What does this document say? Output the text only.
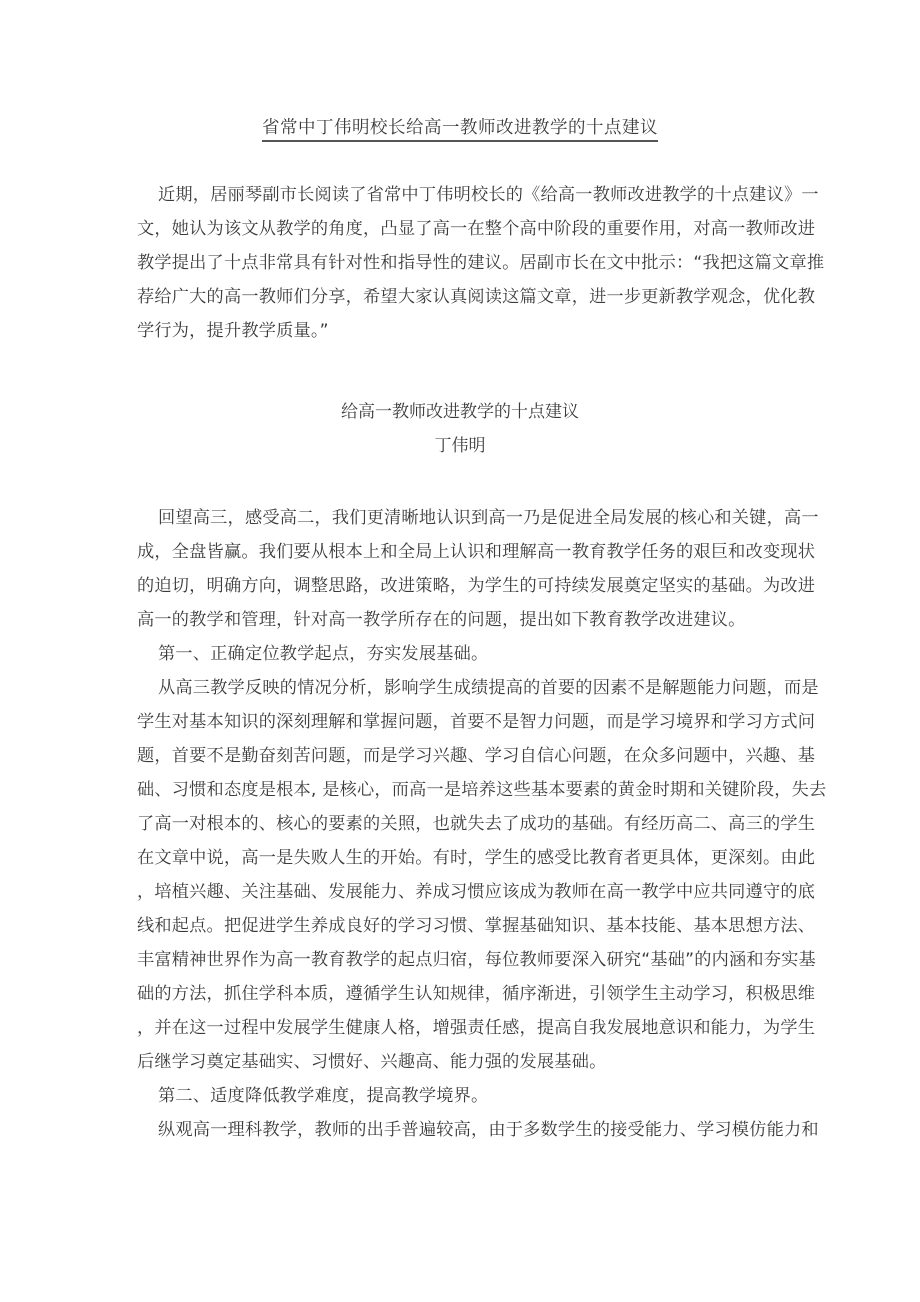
省常中丁伟明校长给高一教师改进教学的十点建议
近期，居丽琴副市长阅读了省常中丁伟明校长的《给高一教师改进教学的十点建议》一
文，她认为该文从教学的角度，凸显了高一在整个高中阶段的重要作用，对高一教师改进
教学提出了十点非常具有针对性和指导性的建议。居副市长在文中批示：“我把这篇文章推
荐给广大的高一教师们分享，希望大家认真阅读这篇文章，进一步更新教学观念，优化教
学行为，提升教学质量。”
给高一教师改进教学的十点建议
丁伟明
回望高三，感受高二，我们更清晰地认识到高一乃是促进全局发展的核心和关键，高一
成，全盘皆赢。我们要从根本上和全局上认识和理解高一教育教学任务的艰巨和改变现状
的迫切，明确方向，调整思路，改进策略，为学生的可持续发展奠定坚实的基础。为改进
高一的教学和管理，针对高一教学所存在的问题，提出如下教育教学改进建议。
第一、正确定位教学起点，夯实发展基础。
从高三教学反映的情况分析，影响学生成绩提高的首要的因素不是解题能力问题，而是
学生对基本知识的深刻理解和掌握问题，首要不是智力问题，而是学习境界和学习方式问
题，首要不是勤奋刻苦问题，而是学习兴趣、学习自信心问题，在众多问题中，兴趣、基
础、习惯和态度是根本, 是核心，而高一是培养这些基本要素的黄金时期和关键阶段，失去
了高一对根本的、核心的要素的关照，也就失去了成功的基础。有经历高二、高三的学生
在文章中说，高一是失败人生的开始。有时，学生的感受比教育者更具体，更深刻。由此
，培植兴趣、关注基础、发展能力、养成习惯应该成为教师在高一教学中应共同遵守的底
线和起点。把促进学生养成良好的学习习惯、掌握基础知识、基本技能、基本思想方法、
丰富精神世界作为高一教育教学的起点归宿，每位教师要深入研究“基础”的内涵和夯实基
础的方法，抓住学科本质，遵循学生认知规律，循序渐进，引领学生主动学习，积极思维
，并在这一过程中发展学生健康人格，增强责任感，提高自我发展地意识和能力，为学生
后继学习奠定基础实、习惯好、兴趣高、能力强的发展基础。
第二、适度降低教学难度，提高教学境界。
纵观高一理科教学，教师的出手普遍较高，由于多数学生的接受能力、学习模仿能力和
